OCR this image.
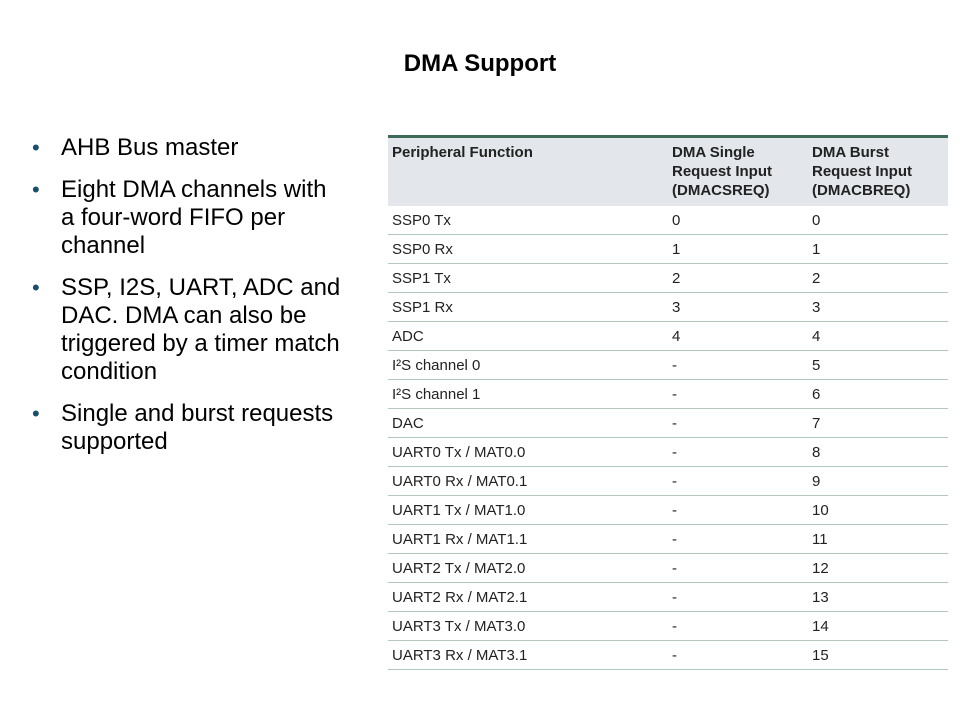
DMA Support
• AHB Bus master
• Eight DMA channels with a four-word FIFO per channel
• SSP, I2S, UART, ADC and DAC. DMA can also be triggered by a timer match condition
• Single and burst requests supported
Peripheral Function	DMA Single Request Input (DMACSREQ)	DMA Burst Request Input (DMACBREQ)
SSP0 Tx	0	0
SSP0 Rx	1	1
SSP1 Tx	2	2
SSP1 Rx	3	3
ADC	4	4
I²S channel 0	-	5
I²S channel 1	-	6
DAC	-	7
UART0 Tx / MAT0.0	-	8
UART0 Rx / MAT0.1	-	9
UART1 Tx / MAT1.0	-	10
UART1 Rx / MAT1.1	-	11
UART2 Tx / MAT2.0	-	12
UART2 Rx / MAT2.1	-	13
UART3 Tx / MAT3.0	-	14
UART3 Rx / MAT3.1	-	15
